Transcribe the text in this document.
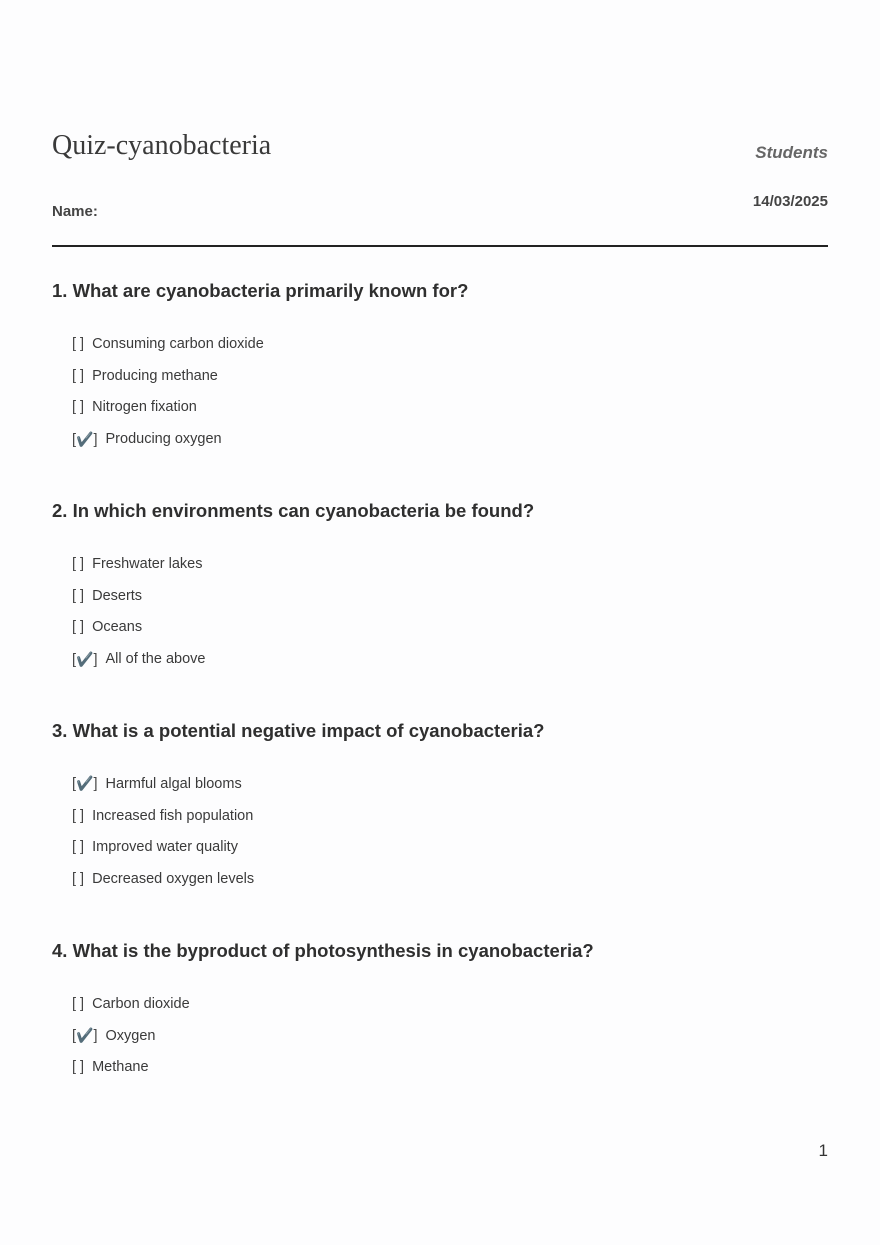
Quiz-cyanobacteria	Students
14/03/2025
Name:
1. What are cyanobacteria primarily known for?
[ ] Consuming carbon dioxide
[ ] Producing methane
[ ] Nitrogen fixation
[✔️] Producing oxygen
2. In which environments can cyanobacteria be found?
[ ] Freshwater lakes
[ ] Deserts
[ ] Oceans
[✔️] All of the above
3. What is a potential negative impact of cyanobacteria?
[✔️] Harmful algal blooms
[ ] Increased fish population
[ ] Improved water quality
[ ] Decreased oxygen levels
4. What is the byproduct of photosynthesis in cyanobacteria?
[ ] Carbon dioxide
[✔️] Oxygen
[ ] Methane
1
